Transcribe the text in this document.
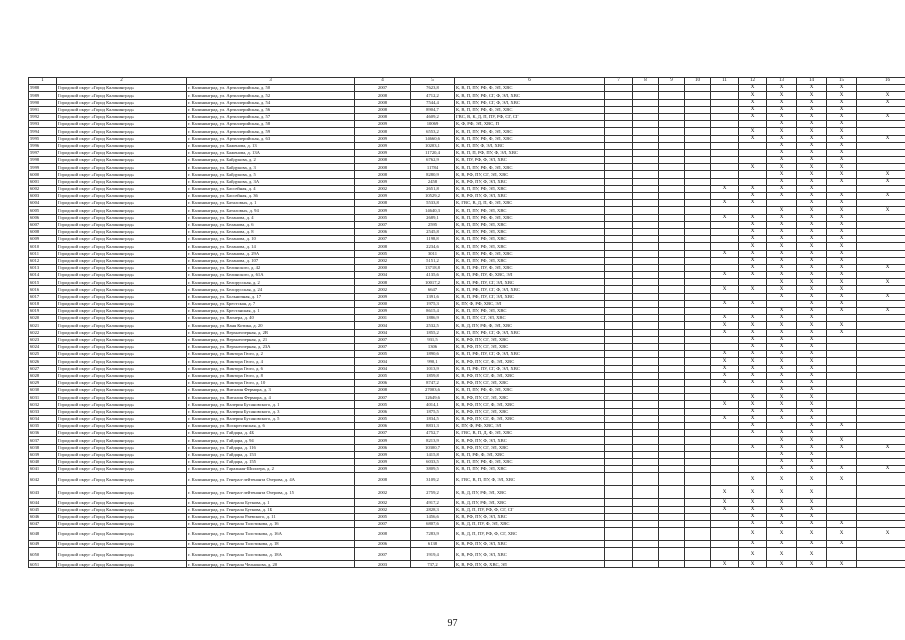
1	2	3	4	5	6	7	8	9	10	11	12	13	14	15	16
5988	Городской округ «Город Калининград»	г. Калининград, ул. Артиллерийская, д. 50	2007	7623,8	К, В, П, ПУ, РФ, Ф, ЭЛ, ХВС						X	X	X	X	
5989	Городской округ «Город Калининград»	г. Калининград, ул. Артиллерийская, д. 52	2008	4712,2	К, В, П, ПУ, РФ, СГ, Ф, ЭЛ, ХВС						X	X	X	X	X
5990	Городской округ «Город Калининград»	г. Калининград, ул. Артиллерийская, д. 54	2008	7544,4	К, В, П, ПУ, РФ, СГ, Ф, ЭЛ, ХВС						X	X	X	X	X
5991	Городской округ «Город Калининград»	г. Калининград, ул. Артиллерийская, д. 56	2008	8904,7	К, В, П, ПУ, РФ, Ф, ЭЛ, ХВС						X	X	X	X	
5992	Городской округ «Город Калининград»	г. Калининград, ул. Артиллерийская, д. 57	2008	4609,2	ГВС, В, К, Д, П, ПУ, РФ, СГ, СГ						X	X	X	X	X
5993	Городской округ «Город Калининград»	г. Калининград, ул. Артиллерийская, д. 58	2009	10069	К, Ф, РФ, ЭЛ, ХВС, П							X	X	X	
5994	Городской округ «Город Калининград»	г. Калининград, ул. Артиллерийская, д. 59	2008	6553,2	К, В, П, ПУ, РФ, Ф, ЭЛ, ХВС						X	X	X	X	
5995	Городской округ «Город Калининград»	г. Калининград, ул. Артиллерийская, д. 63	2009	14660,6	К, В, П, ПУ, РФ, Ф, ЭЛ, ХВС						X	X	X	X	X
5996	Городской округ «Город Калининград»	г. Калининград, ул. Баженова, д. 13	2009	10203,1	К, В, П, ПУ, Ф, ЭЛ, ХВС							X	X	X	
5997	Городской округ «Город Калининград»	г. Калининград, ул. Баженова, д. 13А	2009	11720,4	К, В, П, П, РФ, ПУ, Ф, ЭЛ, ХВС							X	X	X	
5998	Городской округ «Город Калининград»	г. Калининград, ул. Байдукова, д. 2	2008	6762,9	К, В, ПУ, РФ, Ф, ЭЛ, ХВС							X	X	X	
5999	Городской округ «Город Калининград»	г. Калининград, ул. Байдукова, д. 3	2008	11784	К, В, П, ПУ, РФ, Ф, ЭЛ, ХВС						X	X	X	X	
6000	Городской округ «Город Калининград»	г. Калининград, ул. Байдукова, д. 5	2008	8280,9	К, В, РФ, ПУ, СГ, ЭЛ, ХВС							X	X	X	X
6001	Городской округ «Город Калининград»	г. Калининград, ул. Байдукова, д. 3А	2009	2458	К, В, РФ, ПУ, Ф, ЭЛ, ХВС							X	X	X	X
6002	Городской округ «Город Калининград»	г. Калининград, ул. Бассейная, д. 4	2002	2651,8	К, В, П, ПУ, РФ, ЭЛ, ХВС					X	X	X	X		
6003	Городской округ «Город Калининград»	г. Калининград, ул. Бассейная, д. 36	2009	10529,2	К, В, РФ, ПУ, Ф, ЭЛ, ХВС						X	X	X	X	X
6004	Городской округ «Город Калининград»	г. Калининград, ул. Баталовых, д. 1	2008	5533,8	К, ГВС, В, Д, П, Ф, ЭЛ, ХВС					X	X		X	X	
6005	Городской округ «Город Калининград»	г. Калининград, ул. Баталовых, д. 94	2009	14640,3	К, В, П, ПУ, РФ, ЭЛ, ХВС							X	X	X	X
6006	Городской округ «Город Калининград»	г. Калининград, ул. Беланова, д. 4	2005	2689,1	К, В, П, ПУ, РФ, Ф, ЭЛ, ХВС					X	X	X	X	X	
6007	Городской округ «Город Калининград»	г. Калининград, ул. Беланова, д. 6	2007	2595	К, В, П, ПУ, РФ, ЭЛ, ХВС						X	X	X	X	
6008	Городской округ «Город Калининград»	г. Калининград, ул. Беланова, д. 8	2006	2545,8	К, В, П, ПУ, РФ, ЭЛ, ХВС						X	X	X	X	
6009	Городской округ «Город Калининград»	г. Калининград, ул. Беланова, д. 10	2007	1198,8	К, В, П, ПУ, РФ, ЭЛ, ХВС						X	X	X	X	
6010	Городской округ «Город Калининград»	г. Калининград, ул. Беланова, д. 14	2008	2234,6	К, В, П, ПУ, РФ, ЭЛ, ХВС						X	X	X	X	
6011	Городской округ «Город Калининград»	г. Калининград, ул. Беланова, д. 29А	2005	3011	К, В, П, ПУ, РФ, Ф, ЭЛ, ХВС					X	X	X	X	X	
6012	Городской округ «Город Калининград»	г. Калининград, ул. Беланова, д. 107	2002	5151,2	К, В, П, ПУ, РФ, ЭЛ, ХВС						X	X	X	X	
6013	Городской округ «Город Калининград»	г. Калининград, ул. Белинского, д. 42	2000	13718,8	К, В, П, РФ, ПУ, Ф, ЭЛ, ХВС						X	X	X	X	X
6014	Городской округ «Город Калининград»	г. Калининград, ул. Белинского, д. 61А	2004	4135,6	К, В, П, РФ, ПУ, Ф, ХВС, ЭЛ					X	X	X	X	X	
6015	Городской округ «Город Калининград»	г. Калининград, ул. Белорусская, д. 2	2008	10017,2	К, В, П, РФ, ПУ, СГ, ЭЛ, ХВС							X	X	X	X
6016	Городской округ «Город Калининград»	г. Калининград, ул. Белорусская, д. 24	2002	6647	К, В, П, РФ, ПУ, СГ, Ф, ЭЛ, ХВС					X	X	X	X	X	
6017	Городской округ «Город Калининград»	г. Калининград, ул. Больничная, д. 17	2009	1391,6	К, В, П, РФ, ПУ, СГ, ЭЛ, ХВС							X	X	X	X
6018	Городской округ «Город Калининград»	г. Калининград, ул. Брестская, д. 7	2000	1975,3	К, ПУ, Ф, РФ, ХВС, ЭЛ					X	X		X	X	
6019	Городской округ «Город Калининград»	г. Калининград, ул. Брестанская, д. 1	2009	8615,4	К, В, П, ПУ, РФ, ЭЛ, ХВС							X	X	X	X
6020	Городской округ «Город Калининград»	г. Калининград, ул. Вагнера, д. 40	2001	1886,9	К, В, П, ПУ, СГ, ЭЛ, ХВС					X	X	X	X		
6021	Городской округ «Город Калининград»	г. Калининград, ул. Ваня Котика, д. 20	2004	2532,5	К, В, Д, ПУ, РФ, Ф, ЭЛ, ХВС					X	X	X	X	X	
6022	Городской округ «Город Калининград»	г. Калининград, ул. Верхнеозерная, д. 2В	2004	1855,2	К, В, П, ПУ, РФ, СГ, Ф, ЭЛ, ХВС					X	X	X	X	X	
6023	Городской округ «Город Калининград»	г. Калининград, ул. Верхнеозерная, д. 21	2007	931,5	К, В, РФ, ПУ, СГ, ЭЛ, ХВС						X	X	X		
6024	Городской округ «Город Калининград»	г. Калининград, ул. Верхнеозерная, д. 23А	2007	1306	К, В, РФ, ПУ, СГ, ЭЛ, ХВС						X	X	X		
6025	Городской округ «Город Калининград»	г. Калининград, ул. Виктора Гюго, д. 2	2005	1890,6	К, В, П, РФ, ПУ, СГ, Ф, ЭЛ, ХВС					X	X	X	X		
6026	Городской округ «Город Калининград»	г. Калининград, ул. Виктора Гюго, д. 4	2004	990,1	К, В, РФ, ПУ, СГ, Ф, ЭЛ, ХВС					X	X	X	X		
6027	Городской округ «Город Калининград»	г. Калининград, ул. Виктора Гюго, д. 6	2004	1013,9	К, В, П, РФ, ПУ, СГ, Ф, ЭЛ, ХВС					X	X	X	X		
6028	Городской округ «Город Калининград»	г. Калининград, ул. Виктора Гюго, д. 8	2005	1859,8	К, В, РФ, ПУ, СГ, Ф, ЭЛ, ХВС					X	X	X	X		
6029	Городской округ «Город Калининград»	г. Калининград, ул. Виктора Гюго, д. 10	2006	8747,2	К, В, РФ, ПУ, СГ, ЭЛ, ХВС					X	X	X	X		
6030	Городской округ «Город Калининград»	г. Калининград, ул. Виталия Фермора, д. 3	2008	27003,6	К, В, П, ПУ, РФ, Ф, ЭЛ, ХВС							X	X		
6031	Городской округ «Город Калининград»	г. Калининград, ул. Виталия Фермора, д. 4	2007	12649,6	К, В, РФ, ПУ, СГ, ЭЛ, ХВС						X	X	X		
6032	Городской округ «Город Калининград»	г. Калининград, ул. Валерия Бусановского, д. 1	2005	4014,1	К, В, РФ, ПУ, СГ, Ф, ЭЛ, ХВС					X	X	X	X		
6033	Городской округ «Город Калининград»	г. Калининград, ул. Валерия Бусановского, д. 3	2006	1875,5	К, В, РФ, ПУ, СГ, ЭЛ, ХВС						X	X	X		
6034	Городской округ «Город Калининград»	г. Калининград, ул. Валерия Бусановского, д. 5	2005	1834,5	К, В, РФ, ПУ, СГ, Ф, ЭЛ, ХВС					X	X	X	X		
6035	Городской округ «Город Калининград»	г. Калининград, ул. Воскресенская, д. 6	2006	8831,3	К, ПУ, Ф, РФ, ХВС, ЭЛ						X		X	X	
6036	Городской округ «Город Калининград»	г. Калининград, ул. Гайдара, д. 4Б	2007	4752,7	К, ГВС, В, П, Д, Ф, ЭЛ, ХВС						X	X	X		
6037	Городской округ «Город Калининград»	г. Калининград, ул. Гайдара, д. 94	2009	8213,9	К, В, РФ, ПУ, Ф, ЭЛ, ХВС							X	X	X	
6038	Городской округ «Город Калининград»	г. Калининград, ул. Гайдара, д. 116	2006	10300,7	К, В, РФ, ПУ, СГ, ЭЛ, ХВС						X	X	X	X	X
6039	Городской округ «Город Калининград»	г. Калининград, ул. Гайдара, д. 153	2009	1415,8	К, В, П, РФ, Ф, ЭЛ, ХВС							X	X		
6040	Городской округ «Город Калининград»	г. Калининград, ул. Гайдара, д. 155	2009	6033,5	К, В, П, ПУ, РФ, Ф, ЭЛ, ХВС							X	X		
6041	Городской округ «Город Калининград»	г. Калининград, ул. Гаражная-Шиллера, д. 2	2009	3809,5	К, В, П, ПУ, РФ, ЭЛ, ХВС							X	X	X	X
6042	Городской округ «Город Калининград»	г. Калининград, ул. Генерал-лейтенанта Озерова, д. 4А	2008	3109,2	К, ГВС, В, П, ПУ, Ф, ЭЛ, ХВС						X	X	X	X	
6043	Городской округ «Город Калининград»	г. Калининград, ул. Генерал-лейтенанта Озерова, д. 15	2002	2759,2	К, В, Д, ПУ, РФ, ЭЛ, ХВС					X	X	X	X		
6044	Городской округ «Город Калининград»	г. Калининград, ул. Генерала Буткова, д. 1	2002	4917,2	К, В, Д, ПУ, РФ, ЭЛ, ХВС					X	X	X	X		
6045	Городской округ «Город Калининград»	г. Калининград, ул. Генерала Буткова, д. 1Б	2002	2828,3	К, В, Д, П, ПУ, РФ, Ф, СГ, СГ					X	X	X	X		
6046	Городской округ «Город Калининград»	г. Калининград, ул. Генерала Раевского, д. 11	2005	1456,6	К, В, РФ, ПУ, Ф, ЭЛ, ХВС						X	X	X		
6047	Городской округ «Город Калининград»	г. Калининград, ул. Генерала Толстикова, д. 16	2007	6807,6	К, В, Д, П, ПУ, Ф, ЭЛ, ХВС						X	X	X	X	
6048	Городской округ «Город Калининград»	г. Калининград, ул. Генерала Толстикова, д. 16А	2008	7283,9	К, В, Д, П, ПУ, РФ, Ф, СГ, ХВС						X	X	X	X	X
6049	Городской округ «Город Калининград»	г. Калининград, ул. Генерала Толстикова, д. 18	2006	6138	К, В, РФ, ПУ, Ф, ЭЛ, ХВС						X	X	X	X	
6050	Городской округ «Город Калининград»	г. Калининград, ул. Генерала Толстикова, д. 18А	2007	1919,4	К, В, РФ, ПУ, Ф, ЭЛ, ХВС						X	X	X		
6051	Городской округ «Город Калининград»	г. Калининград, ул. Генерала Челнокова, д. 20	2003	737,2	К, В, РФ, ПУ, Ф, ХВС, ЭЛ					X	X	X	X	X	
97
